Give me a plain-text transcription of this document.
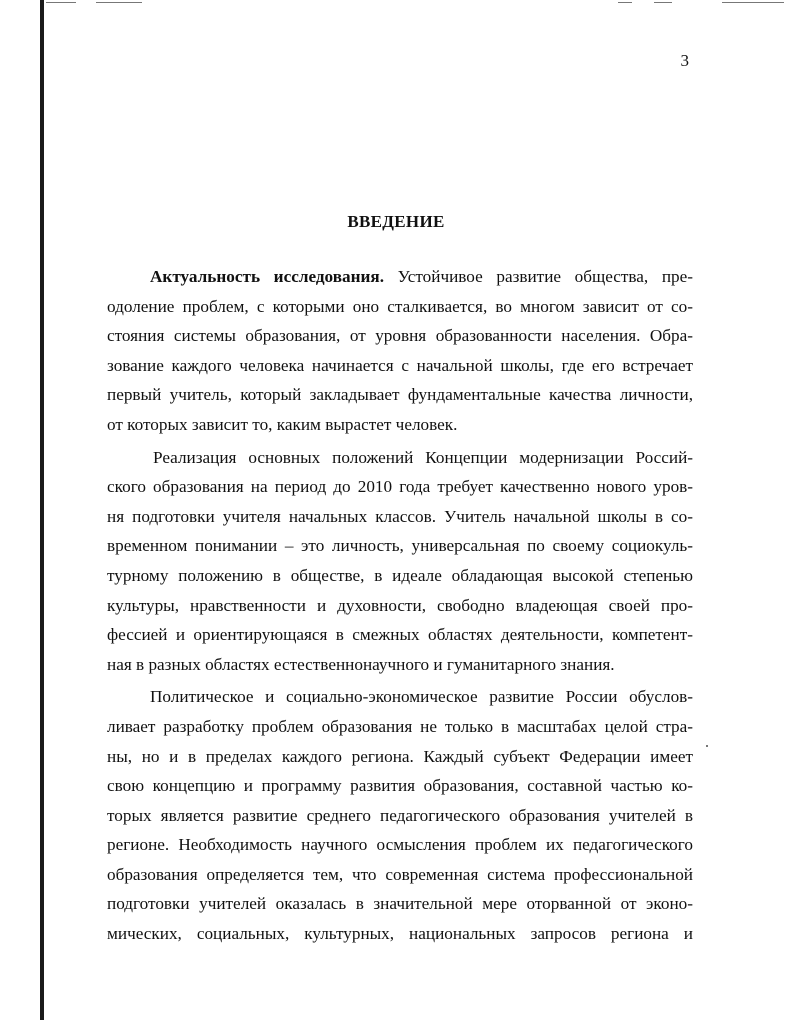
3
ВВЕДЕНИЕ
Актуальность исследования. Устойчивое развитие общества, пре-
одоление проблем, с которыми оно сталкивается, во многом зависит от со-
стояния системы образования, от уровня образованности населения. Обра-
зование каждого человека начинается с начальной школы, где его встречает
первый учитель, который закладывает фундаментальные качества личности,
от которых зависит то, каким вырастет человек.
Реализация основных положений Концепции модернизации Россий-
ского образования на период до 2010 года требует качественно нового уров-
ня подготовки учителя начальных классов. Учитель начальной школы в со-
временном понимании – это личность, универсальная по своему социокуль-
турному положению в обществе, в идеале обладающая высокой степенью
культуры, нравственности и духовности, свободно владеющая своей про-
фессией и ориентирующаяся в смежных областях деятельности, компетент-
ная в разных областях естественнонаучного и гуманитарного знания.
Политическое и социально-экономическое развитие России обуслов-
ливает разработку проблем образования не только в масштабах целой стра-
ны, но и в пределах каждого региона. Каждый субъект Федерации имеет
свою концепцию и программу развития образования, составной частью ко-
торых является развитие среднего педагогического образования учителей в
регионе. Необходимость научного осмысления проблем их педагогического
образования определяется тем, что современная система профессиональной
подготовки учителей оказалась в значительной мере оторванной от эконо-
мических, социальных, культурных, национальных запросов региона и
